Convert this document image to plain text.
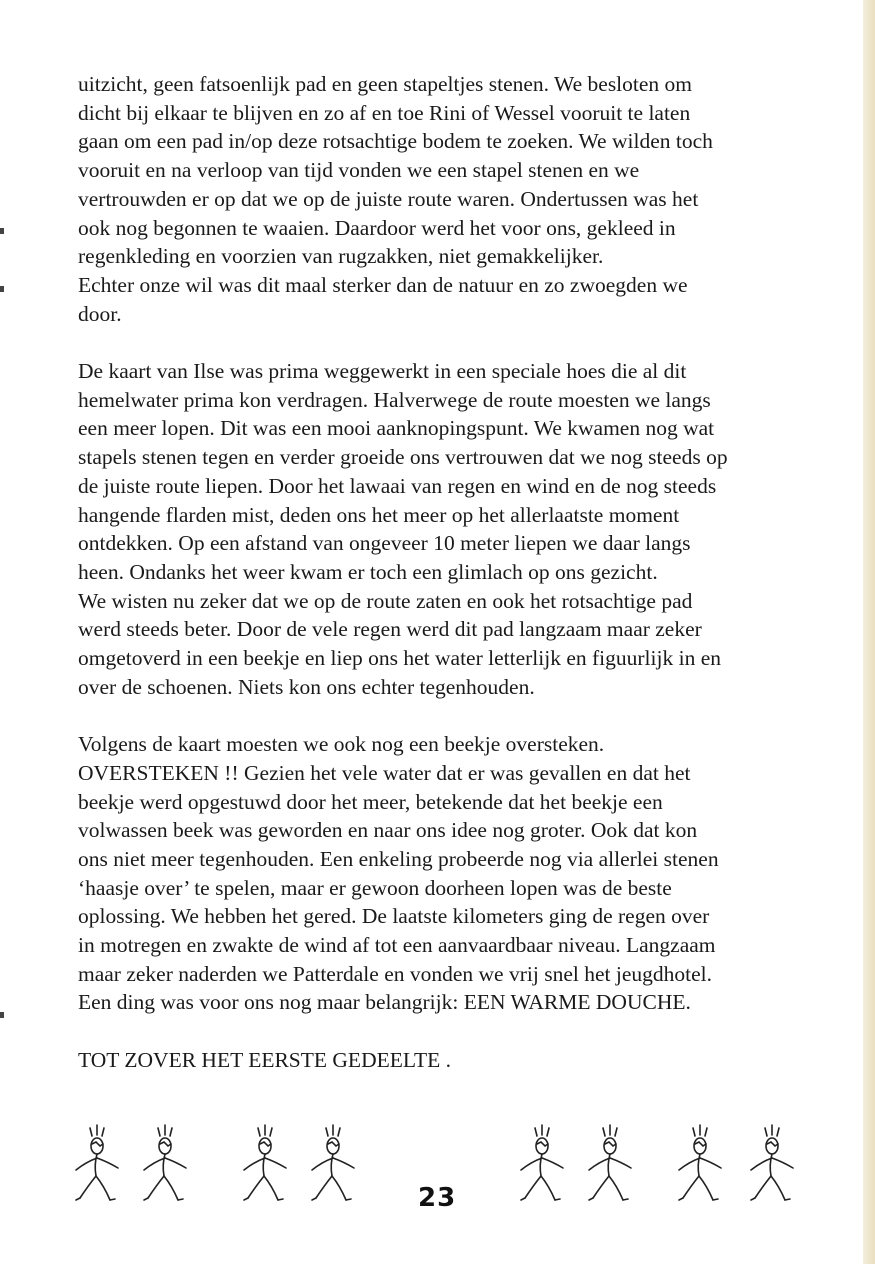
uitzicht, geen fatsoenlijk pad en geen stapeltjes stenen. We besloten om
dicht bij elkaar te blijven en zo af en toe Rini of Wessel vooruit te laten
gaan om een pad in/op deze rotsachtige bodem te zoeken. We wilden toch
vooruit en na verloop van tijd vonden we een stapel stenen en we
vertrouwden er op dat we op de juiste route waren. Ondertussen was het
ook nog begonnen te waaien. Daardoor werd het voor ons, gekleed in
regenkleding en voorzien van rugzakken, niet gemakkelijker.
Echter onze wil was dit maal sterker dan de natuur en zo zwoegden we
door.

De kaart van Ilse was prima weggewerkt in een speciale hoes die al dit
hemelwater prima kon verdragen. Halverwege de route moesten we langs
een meer lopen. Dit was een mooi aanknopingspunt. We kwamen nog wat
stapels stenen tegen en verder groeide ons vertrouwen dat we nog steeds op
de juiste route liepen. Door het lawaai van regen en wind en de nog steeds
hangende flarden mist, deden ons het meer op het allerlaatste moment
ontdekken. Op een afstand van ongeveer 10 meter liepen we daar langs
heen. Ondanks het weer kwam er toch een glimlach op ons gezicht.
We wisten nu zeker dat we op de route zaten en ook het rotsachtige pad
werd steeds beter. Door de vele regen werd dit pad langzaam maar zeker
omgetoverd in een beekje en liep ons het water letterlijk en figuurlijk in en
over de schoenen. Niets kon ons echter tegenhouden.

Volgens de kaart moesten we ook nog een beekje oversteken.
OVERSTEKEN !! Gezien het vele water dat er was gevallen en dat het
beekje werd opgestuwd door het meer, betekende dat het beekje een
volwassen beek was geworden en naar ons idee nog groter. Ook dat kon
ons niet meer tegenhouden. Een enkeling probeerde nog via allerlei stenen
‘haasje over’ te spelen, maar er gewoon doorheen lopen was de beste
oplossing. We hebben het gered. De laatste kilometers ging de regen over
in motregen en zwakte de wind af tot een aanvaardbaar niveau. Langzaam
maar zeker naderden we Patterdale en vonden we vrij snel het jeugdhotel.
Een ding was voor ons nog maar belangrijk: EEN WARME DOUCHE.

TOT ZOVER HET EERSTE GEDEELTE .

23
